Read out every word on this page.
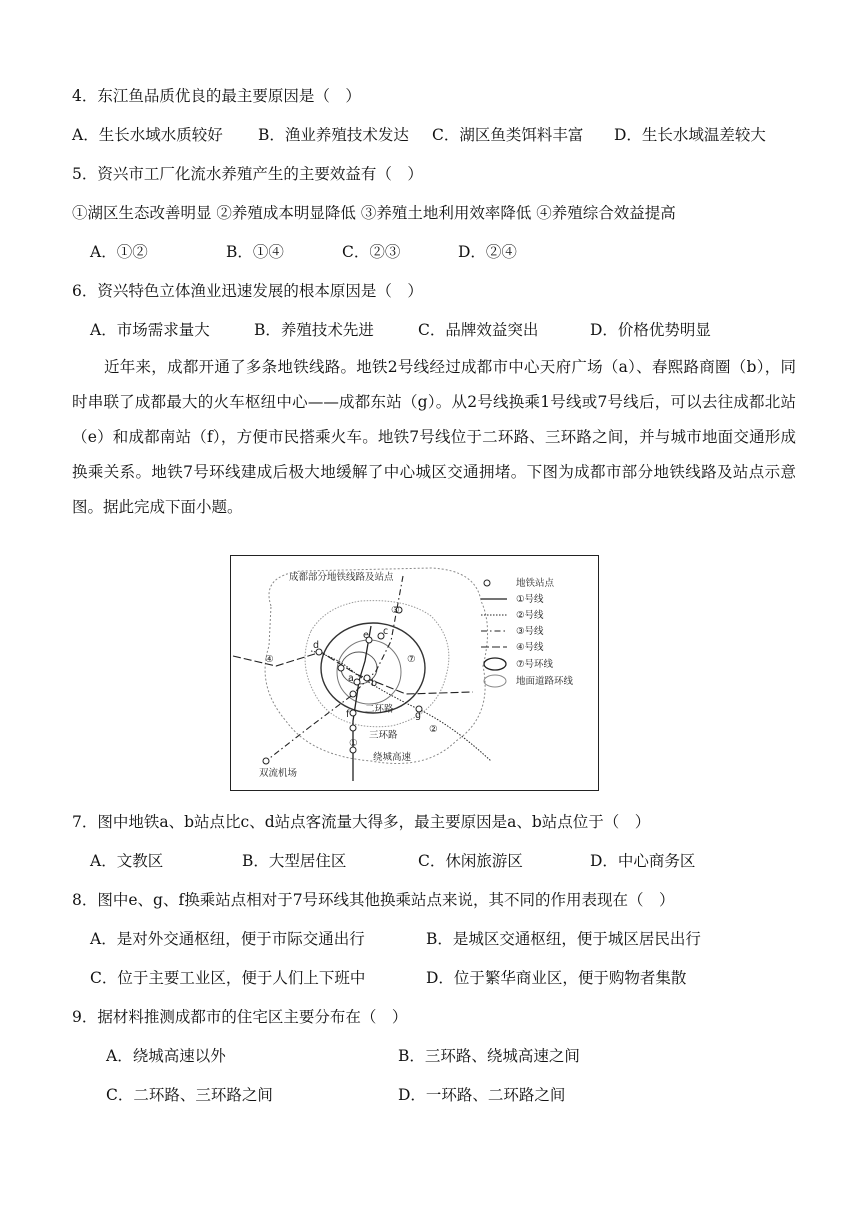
4．东江鱼品质优良的最主要原因是（　）
A．生长水域水质较好 B．渔业养殖技术发达 C．湖区鱼类饵料丰富 D．生长水域温差较大
5．资兴市工厂化流水养殖产生的主要效益有（　）
①湖区生态改善明显 ②养殖成本明显降低 ③养殖土地利用效率降低 ④养殖综合效益提高
A．①②	B．①④	C．②③	D．②④
6．资兴特色立体渔业迅速发展的根本原因是（　）
A．市场需求量大	B．养殖技术先进	C．品牌效益突出	D．价格优势明显
近年来，成都开通了多条地铁线路。地铁2号线经过成都市中心天府广场（a）、春熙路商圈（b），同时串联了成都最大的火车枢纽中心——成都东站（g）。从2号线换乘1号线或7号线后，可以去往成都北站（e）和成都南站（f），方便市民搭乘火车。地铁7号线位于二环路、三环路之间，并与城市地面交通形成换乘关系。地铁7号环线建成后极大地缓解了中心城区交通拥堵。下图为成都市部分地铁线路及站点示意图。据此完成下面小题。
成都部分地铁线路及站点
地铁站点
①号线
②号线
③号线
④号线
⑦号环线
地面道路环线
二环路
三环路
绕城高速
双流机场
a b
c
d
e
f	g
①
②
③
④	⑦
7．图中地铁a、b站点比c、d站点客流量大得多，最主要原因是a、b站点位于（　）
A．文教区	B．大型居住区	C．休闲旅游区	D．中心商务区
8．图中e、g、f换乘站点相对于7号环线其他换乘站点来说，其不同的作用表现在（　）
A．是对外交通枢纽，便于市际交通出行	B．是城区交通枢纽，便于城区居民出行
C．位于主要工业区，便于人们上下班中	D．位于繁华商业区，便于购物者集散
9．据材料推测成都市的住宅区主要分布在（　）
A．绕城高速以外	B．三环路、绕城高速之间
C．二环路、三环路之间	D．一环路、二环路之间
